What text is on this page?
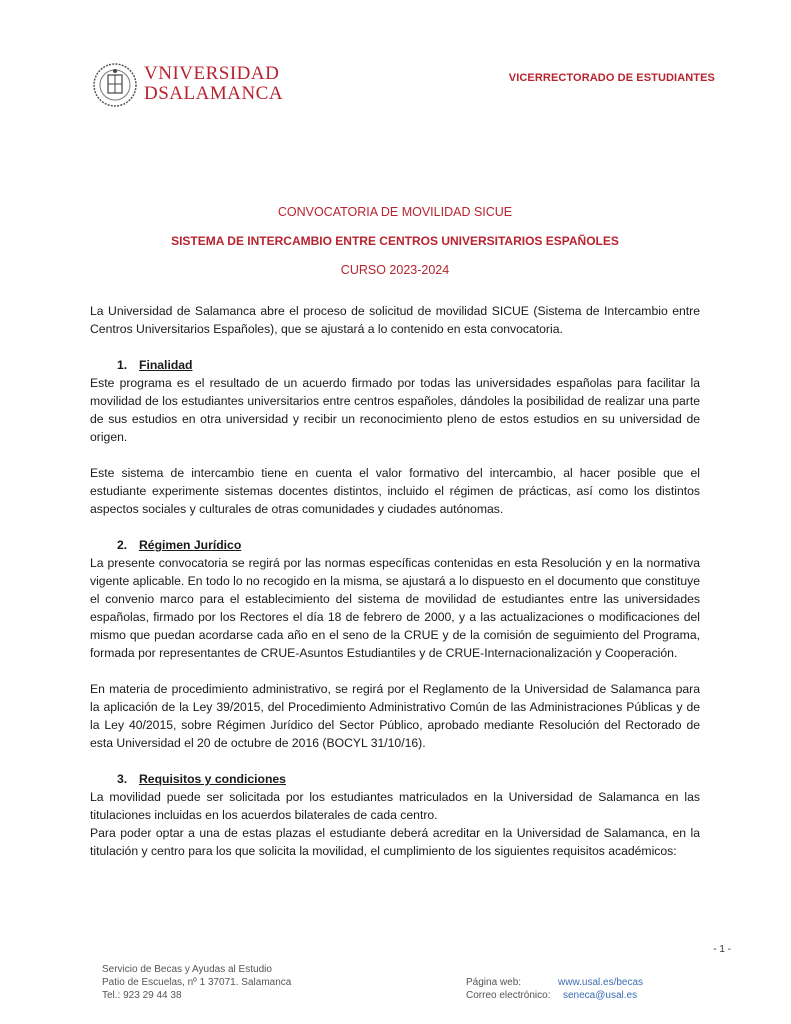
VNIVERSIDAD
DSALAMANCA
VICERRECTORADO DE ESTUDIANTES
CONVOCATORIA DE MOVILIDAD SICUE
SISTEMA DE INTERCAMBIO ENTRE CENTROS UNIVERSITARIOS ESPAÑOLES
CURSO 2023-2024

La Universidad de Salamanca abre el proceso de solicitud de movilidad SICUE (Sistema de Intercambio entre Centros Universitarios Españoles), que se ajustará a lo contenido en esta convocatoria.

1. Finalidad

Este programa es el resultado de un acuerdo firmado por todas las universidades españolas para facilitar la movilidad de los estudiantes universitarios entre centros españoles, dándoles la posibilidad de realizar una parte de sus estudios en otra universidad y recibir un reconocimiento pleno de estos estudios en su universidad de origen.

Este sistema de intercambio tiene en cuenta el valor formativo del intercambio, al hacer posible que el estudiante experimente sistemas docentes distintos, incluido el régimen de prácticas, así como los distintos aspectos sociales y culturales de otras comunidades y ciudades autónomas.

2. Régimen Jurídico

La presente convocatoria se regirá por las normas específicas contenidas en esta Resolución y en la normativa vigente aplicable. En todo lo no recogido en la misma, se ajustará a lo dispuesto en el documento que constituye el convenio marco para el establecimiento del sistema de movilidad de estudiantes entre las universidades españolas, firmado por los Rectores el día 18 de febrero de 2000, y a las actualizaciones o modificaciones del mismo que puedan acordarse cada año en el seno de la CRUE y de la comisión de seguimiento del Programa, formada por representantes de CRUE-Asuntos Estudiantiles y de CRUE-Internacionalización y Cooperación.

En materia de procedimiento administrativo, se regirá por el Reglamento de la Universidad de Salamanca para la aplicación de la Ley 39/2015, del Procedimiento Administrativo Común de las Administraciones Públicas y de la Ley 40/2015, sobre Régimen Jurídico del Sector Público, aprobado mediante Resolución del Rectorado de esta Universidad el 20 de octubre de 2016 (BOCYL 31/10/16).

3. Requisitos y condiciones

La movilidad puede ser solicitada por los estudiantes matriculados en la Universidad de Salamanca en las titulaciones incluidas en los acuerdos bilaterales de cada centro.

Para poder optar a una de estas plazas el estudiante deberá acreditar en la Universidad de Salamanca, en la titulación y centro para los que solicita la movilidad, el cumplimiento de los siguientes requisitos académicos:

- 1 -
Servicio de Becas y Ayudas al Estudio
Patio de Escuelas, nº 1 37071. Salamanca
Tel.: 923 29 44 38
Página web:	www.usal.es/becas
Correo electrónico: seneca@usal.es
